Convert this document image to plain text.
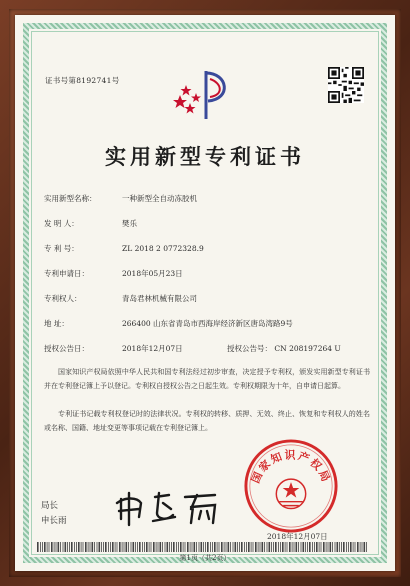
证书号第8192741号
实用新型专利证书
实用新型名称：	一种新型全自动冻胶机
发 明 人：	樊乐
专 利 号：	ZL 2018 2 0772328.9
专利申请日：	2018年05月23日
专利权人：	青岛君林机械有限公司
地 址：	266400 山东省青岛市西海岸经济新区唐岛湾路9号
授权公告日：	2018年12月07日	授权公告号： CN 208197264 U

国家知识产权局依照中华人民共和国专利法经过初步审查，决定授予专利权，颁发实用新型专利证书并在专利登记簿上予以登记。专利权自授权公告之日起生效。专利权期限为十年，自申请日起算。

专利证书记载专利权登记时的法律状况。专利权的转移、质押、无效、终止、恢复和专利权人的姓名或名称、国籍、地址变更等事项记载在专利登记簿上。

局长
申长雨
国家知识产权局
2018年12月07日
第1页（共2页）
